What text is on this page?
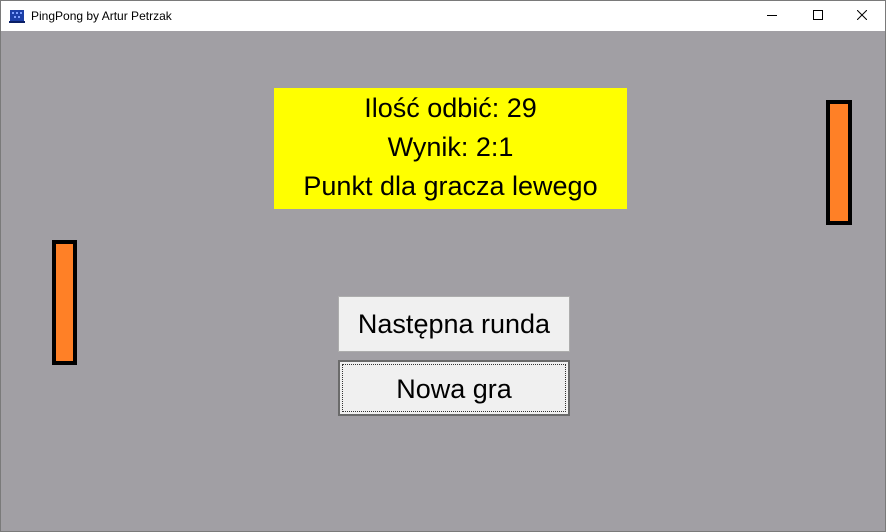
PingPong by Artur Petrzak
Ilość odbić: 29
Wynik: 2:1
Punkt dla gracza lewego
Następna runda
Nowa gra
